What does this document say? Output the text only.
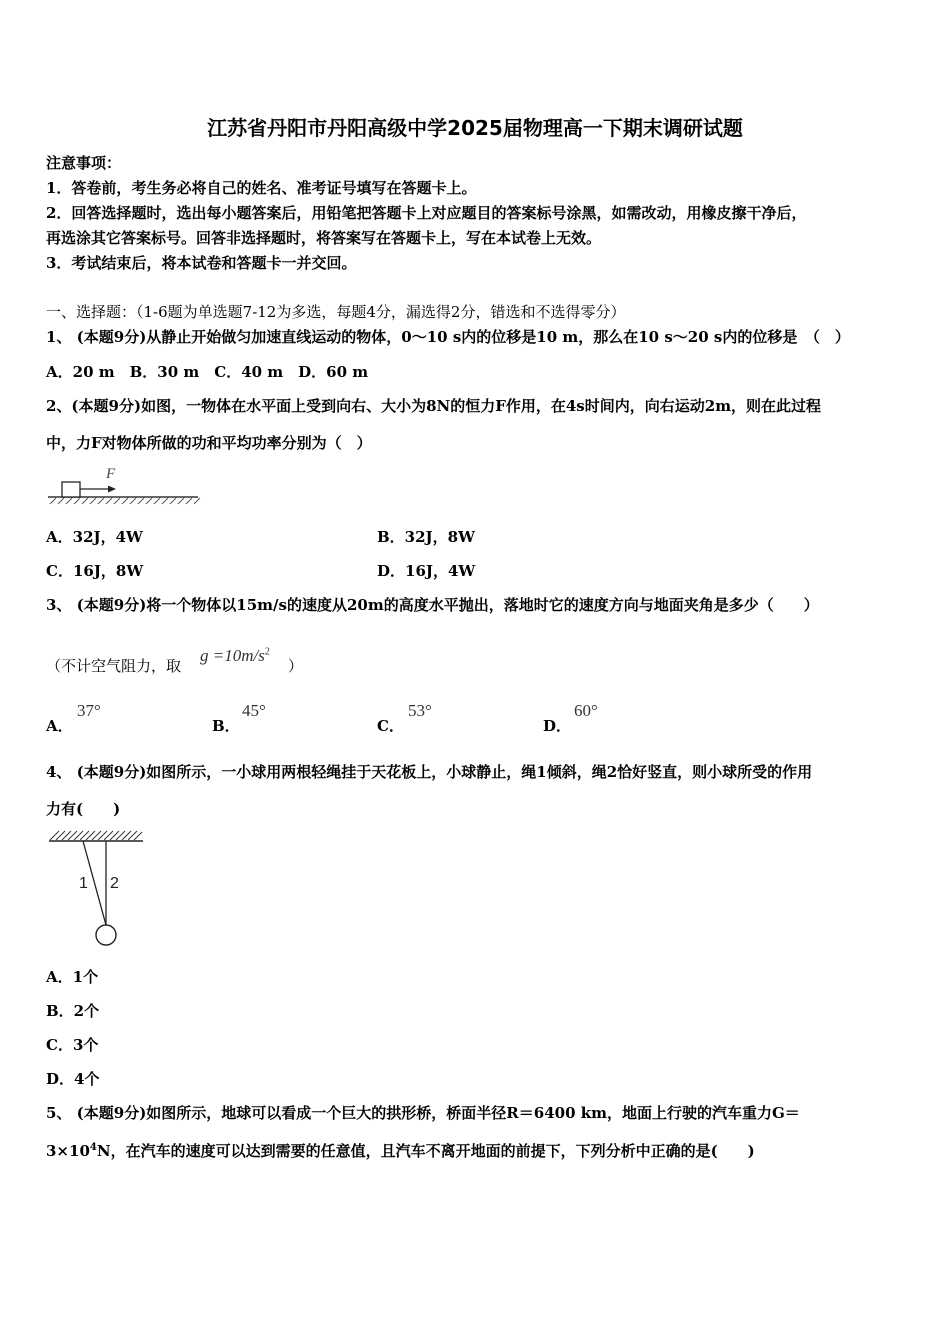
江苏省丹阳市丹阳高级中学2025届物理高一下期末调研试题
注意事项：
1．答卷前，考生务必将自己的姓名、准考证号填写在答题卡上。
2．回答选择题时，选出每小题答案后，用铅笔把答题卡上对应题目的答案标号涂黑，如需改动，用橡皮擦干净后，
再选涂其它答案标号。回答非选择题时，将答案写在答题卡上，写在本试卷上无效。
3．考试结束后，将本试卷和答题卡一并交回。
一、选择题：（1-6题为单选题7-12为多选，每题4分，漏选得2分，错选和不选得零分）
1、 (本题9分)从静止开始做匀加速直线运动的物体，0～10 s内的位移是10 m，那么在10 s～20 s内的位移是　（　）
A．20 m　B．30 m　C．40 m　D．60 m
2、(本题9分)如图，一物体在水平面上受到向右、大小为8N的恒力F作用，在4s时间内，向右运动2m，则在此过程
中，力F对物体所做的功和平均功率分别为（　）
F
A．32J，4W	B．32J，8W
C．16J，8W	D．16J，4W
3、 (本题9分)将一个物体以15m/s的速度从20m的高度水平抛出，落地时它的速度方向与地面夹角是多少（　　）
（不计空气阻力，取
$g =10m/s^2$
）
A．
37°
B．
45°
C．
53°
D．
60°
4、 (本题9分)如图所示，一小球用两根轻绳挂于天花板上，小球静止，绳1倾斜，绳2恰好竖直，则小球所受的作用
力有(　　)
1 2
A．1个
B．2个
C．3个
D．4个
5、 (本题9分)如图所示，地球可以看成一个巨大的拱形桥，桥面半径R＝6400 km，地面上行驶的汽车重力G＝
$3\times 10^4N$，在汽车的速度可以达到需要的任意值，且汽车不离开地面的前提下，下列分析中正确的是(　　)
